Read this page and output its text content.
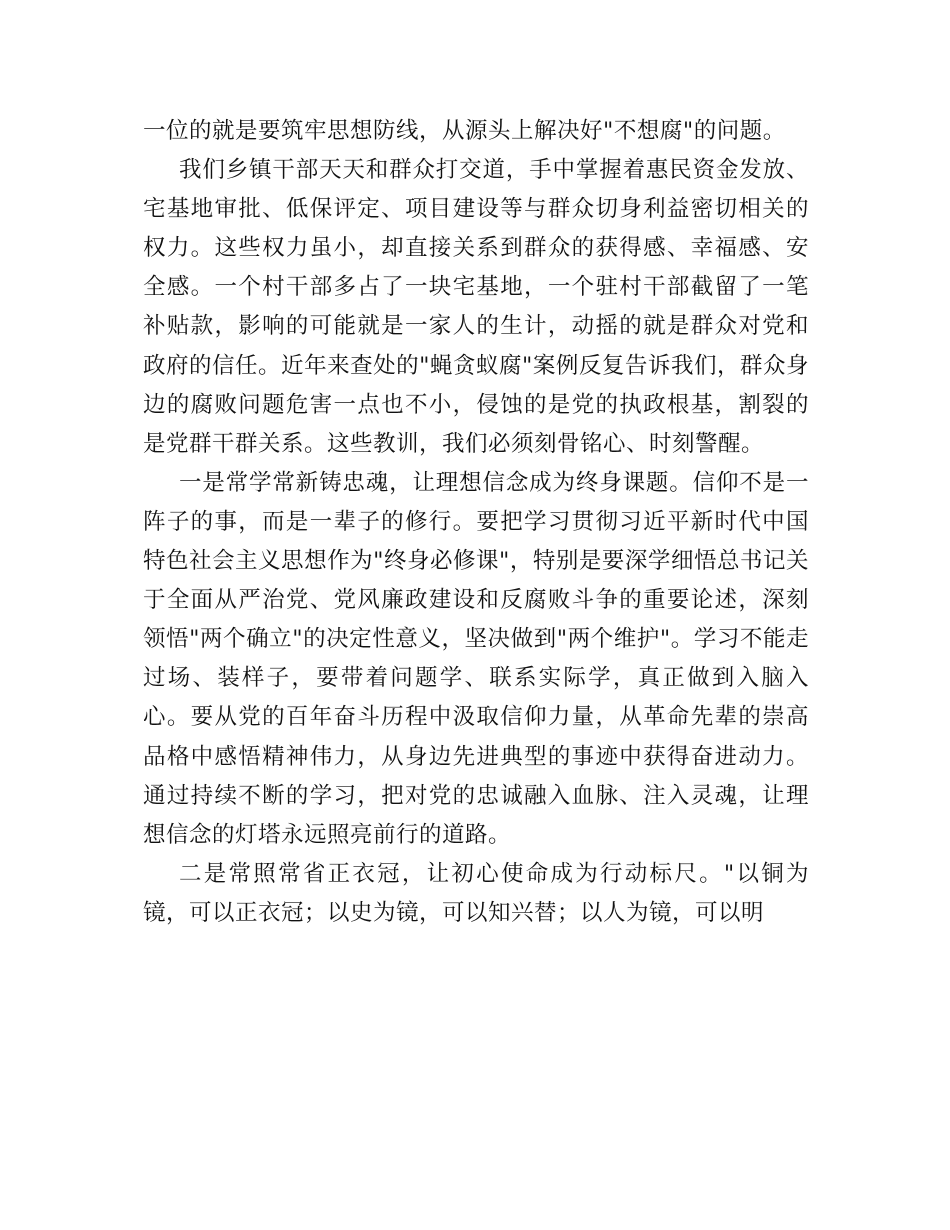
一位的就是要筑牢思想防线，从源头上解决好"不想腐"的问题。

我们乡镇干部天天和群众打交道，手中掌握着惠民资金发放、宅基地审批、低保评定、项目建设等与群众切身利益密切相关的权力。这些权力虽小，却直接关系到群众的获得感、幸福感、安全感。一个村干部多占了一块宅基地，一个驻村干部截留了一笔补贴款，影响的可能就是一家人的生计，动摇的就是群众对党和政府的信任。近年来查处的"蝇贪蚁腐"案例反复告诉我们，群众身边的腐败问题危害一点也不小，侵蚀的是党的执政根基，割裂的是党群干群关系。这些教训，我们必须刻骨铭心、时刻警醒。

一是常学常新铸忠魂，让理想信念成为终身课题。信仰不是一阵子的事，而是一辈子的修行。要把学习贯彻习近平新时代中国特色社会主义思想作为"终身必修课"，特别是要深学细悟总书记关于全面从严治党、党风廉政建设和反腐败斗争的重要论述，深刻领悟"两个确立"的决定性意义，坚决做到"两个维护"。学习不能走过场、装样子，要带着问题学、联系实际学，真正做到入脑入心。要从党的百年奋斗历程中汲取信仰力量，从革命先辈的崇高品格中感悟精神伟力，从身边先进典型的事迹中获得奋进动力。通过持续不断的学习，把对党的忠诚融入血脉、注入灵魂，让理想信念的灯塔永远照亮前行的道路。

二是常照常省正衣冠，让初心使命成为行动标尺。"以铜为镜，可以正衣冠；以史为镜，可以知兴替；以人为镜，可以明
